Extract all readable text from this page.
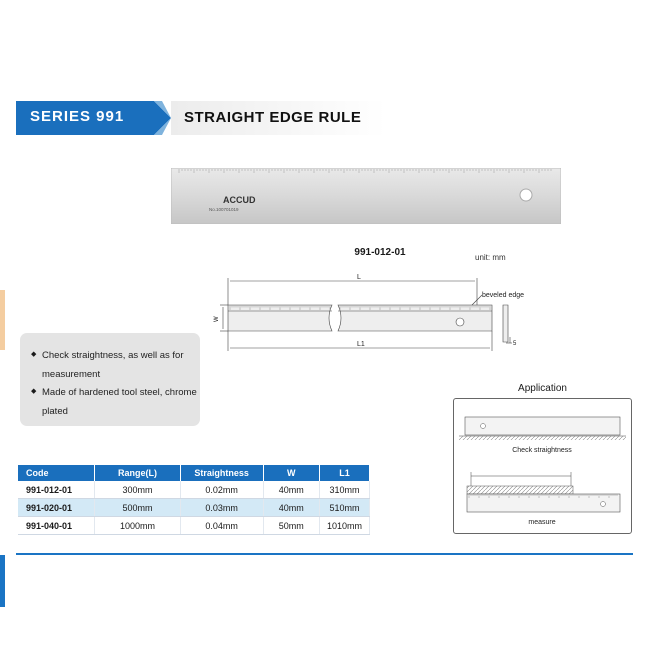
SERIES 991	STRAIGHT EDGE RULE
ACCUD
No.100701019
991-012-01	unit: mm
L
L1
W
5
beveled edge
◆ Check straightness, as well as for measurement
◆ Made of hardened tool steel, chrome plated
Application
Check straightness
measure
Code	Range(L)	Straightness	W	L1
991-012-01	300mm	0.02mm	40mm	310mm
991-020-01	500mm	0.03mm	40mm	510mm
991-040-01	1000mm	0.04mm	50mm	1010mm
